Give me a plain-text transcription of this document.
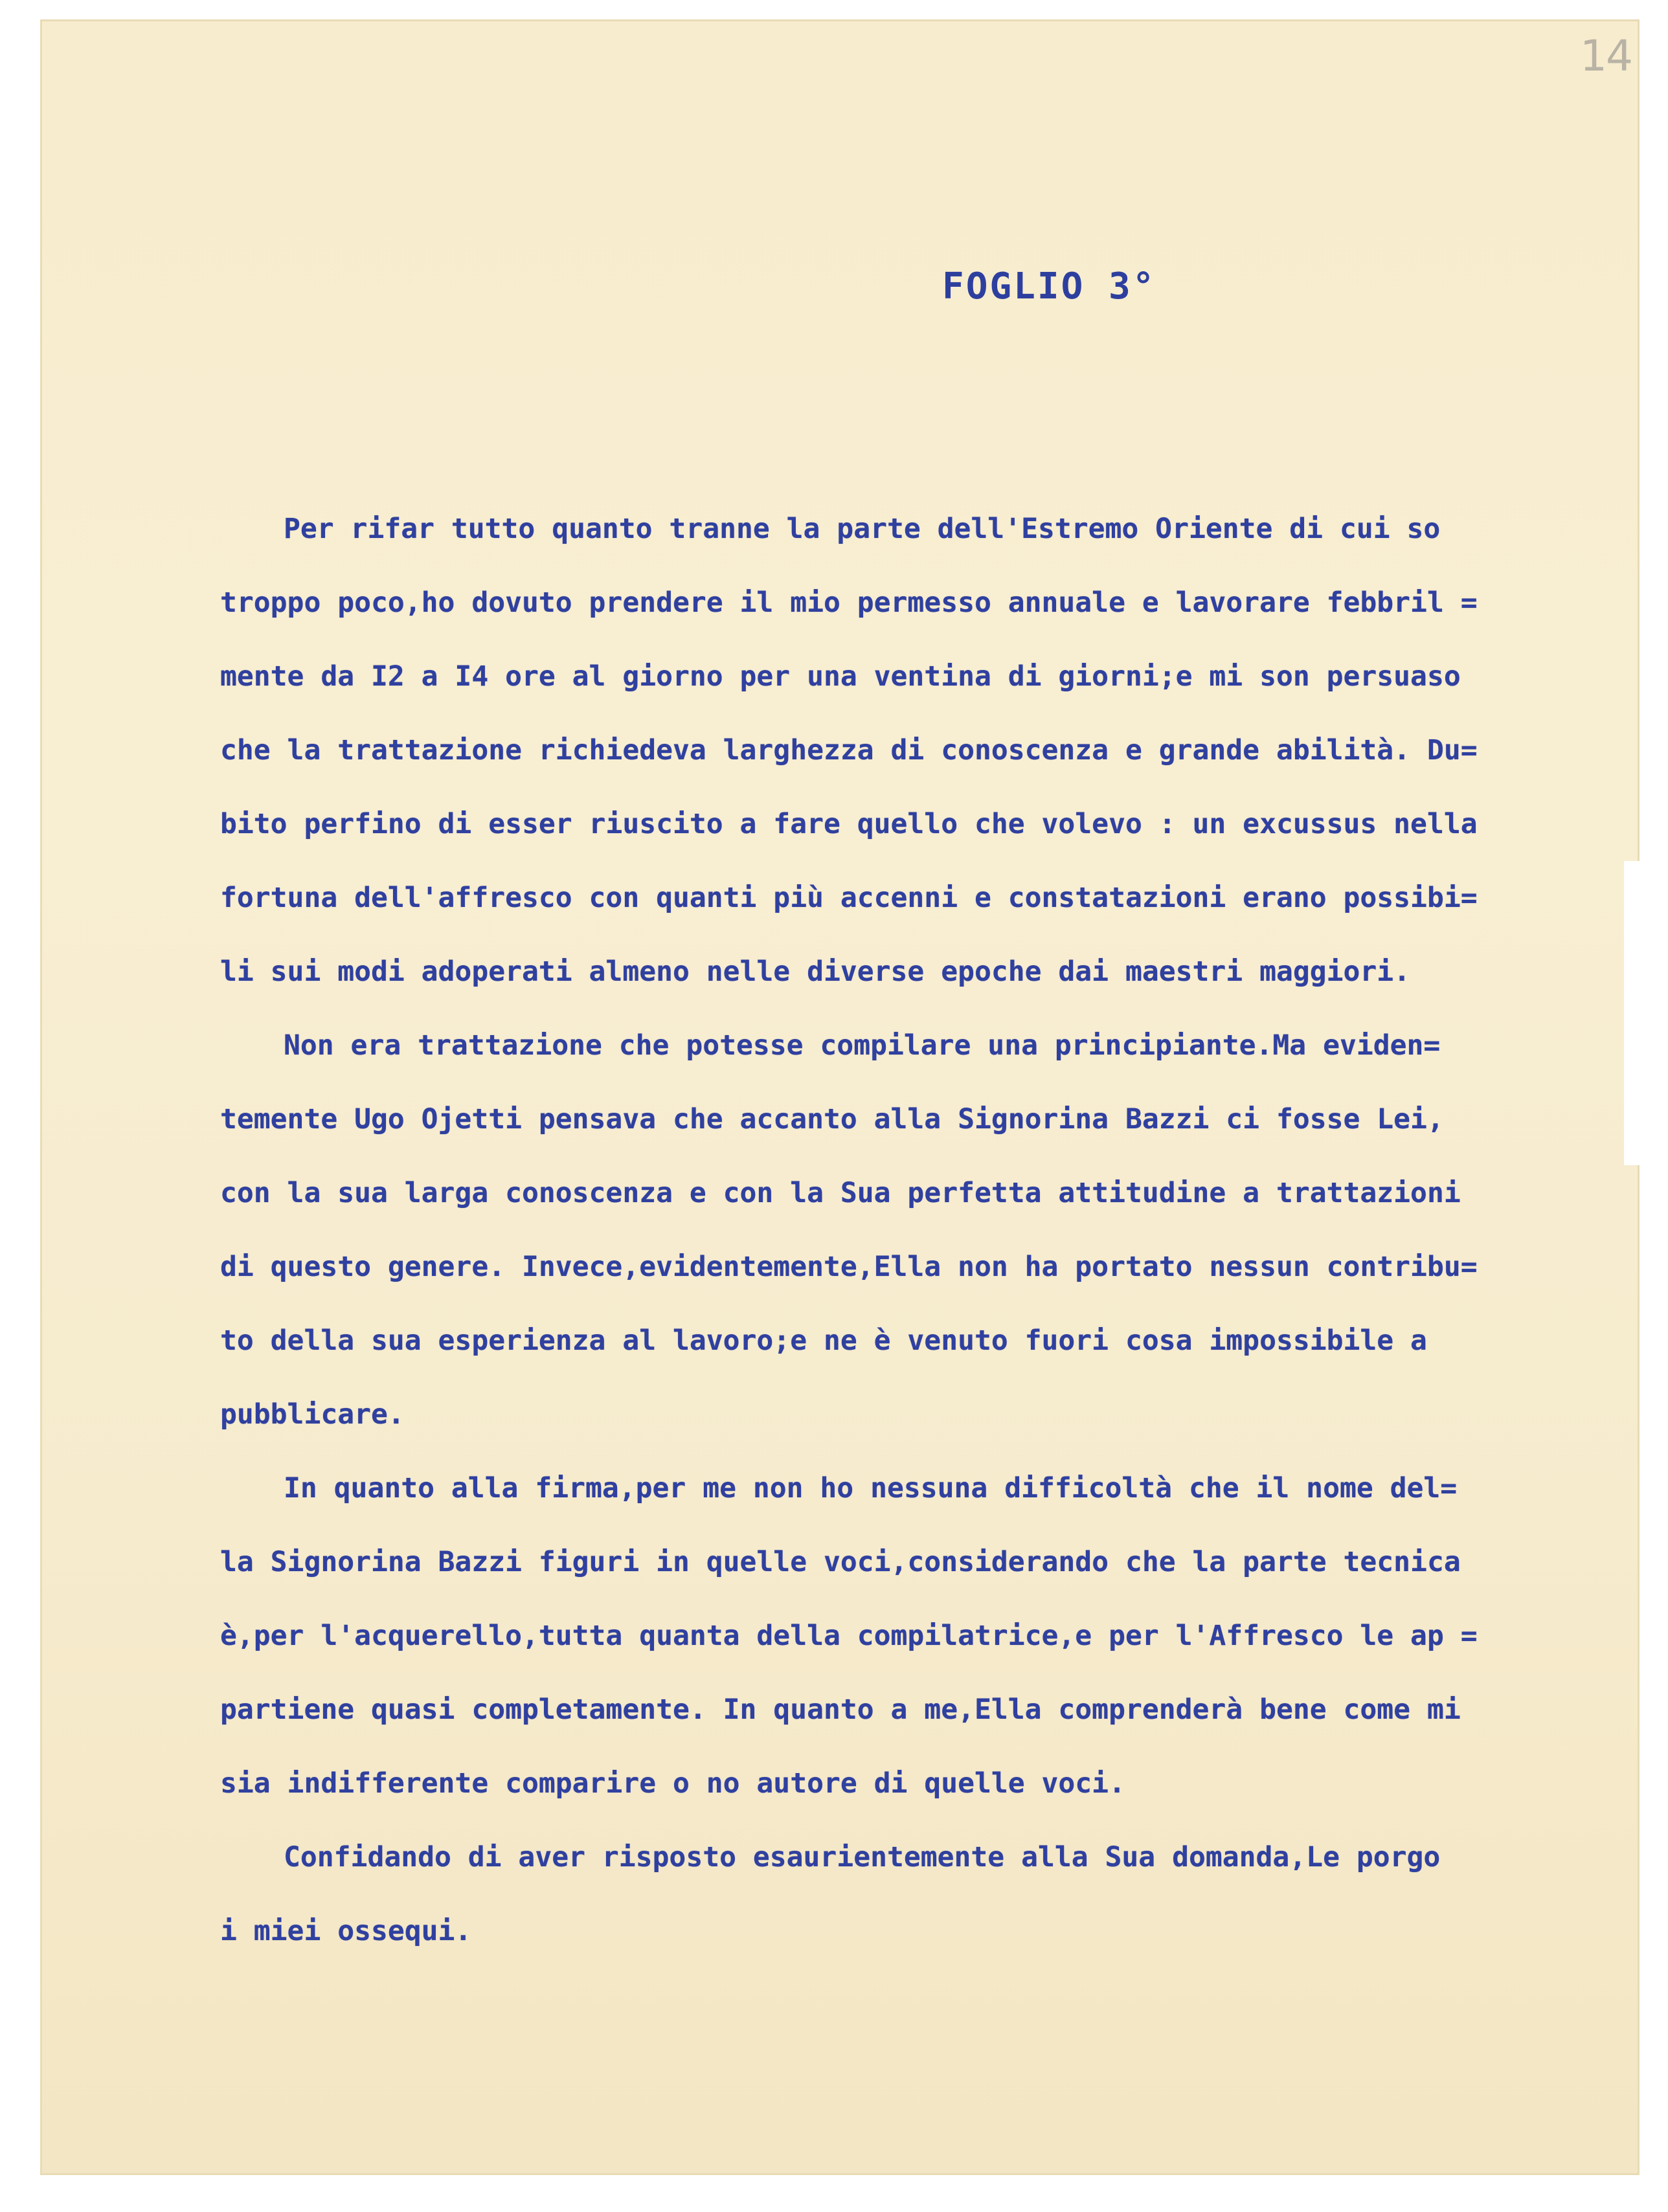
14
FOGLIO 3°
Per rifar tutto quanto tranne la parte dell'Estremo Oriente di cui so
troppo poco,ho dovuto prendere il mio permesso annuale e lavorare febbril =
mente da I2 a I4 ore al giorno per una ventina di giorni;e mi son persuaso
che la trattazione richiedeva larghezza di conoscenza e grande abilità. Du=
bito perfino di esser riuscito a fare quello che volevo : un excussus nella
fortuna dell'affresco con quanti più accenni e constatazioni erano possibi=
li sui modi adoperati almeno nelle diverse epoche dai maestri maggiori.
Non era trattazione che potesse compilare una principiante.Ma eviden=
temente Ugo Ojetti pensava che accanto alla Signorina Bazzi ci fosse Lei,
con la sua larga conoscenza e con la Sua perfetta attitudine a trattazioni
di questo genere. Invece,evidentemente,Ella non ha portato nessun contribu=
to della sua esperienza al lavoro;e ne è venuto fuori cosa impossibile a
pubblicare.
In quanto alla firma,per me non ho nessuna difficoltà che il nome del=
la Signorina Bazzi figuri in quelle voci,considerando che la parte tecnica
è,per l'acquerello,tutta quanta della compilatrice,e per l'Affresco le ap =
partiene quasi completamente. In quanto a me,Ella comprenderà bene come mi
sia indifferente comparire o no autore di quelle voci.
Confidando di aver risposto esaurientemente alla Sua domanda,Le porgo
i miei ossequi.
